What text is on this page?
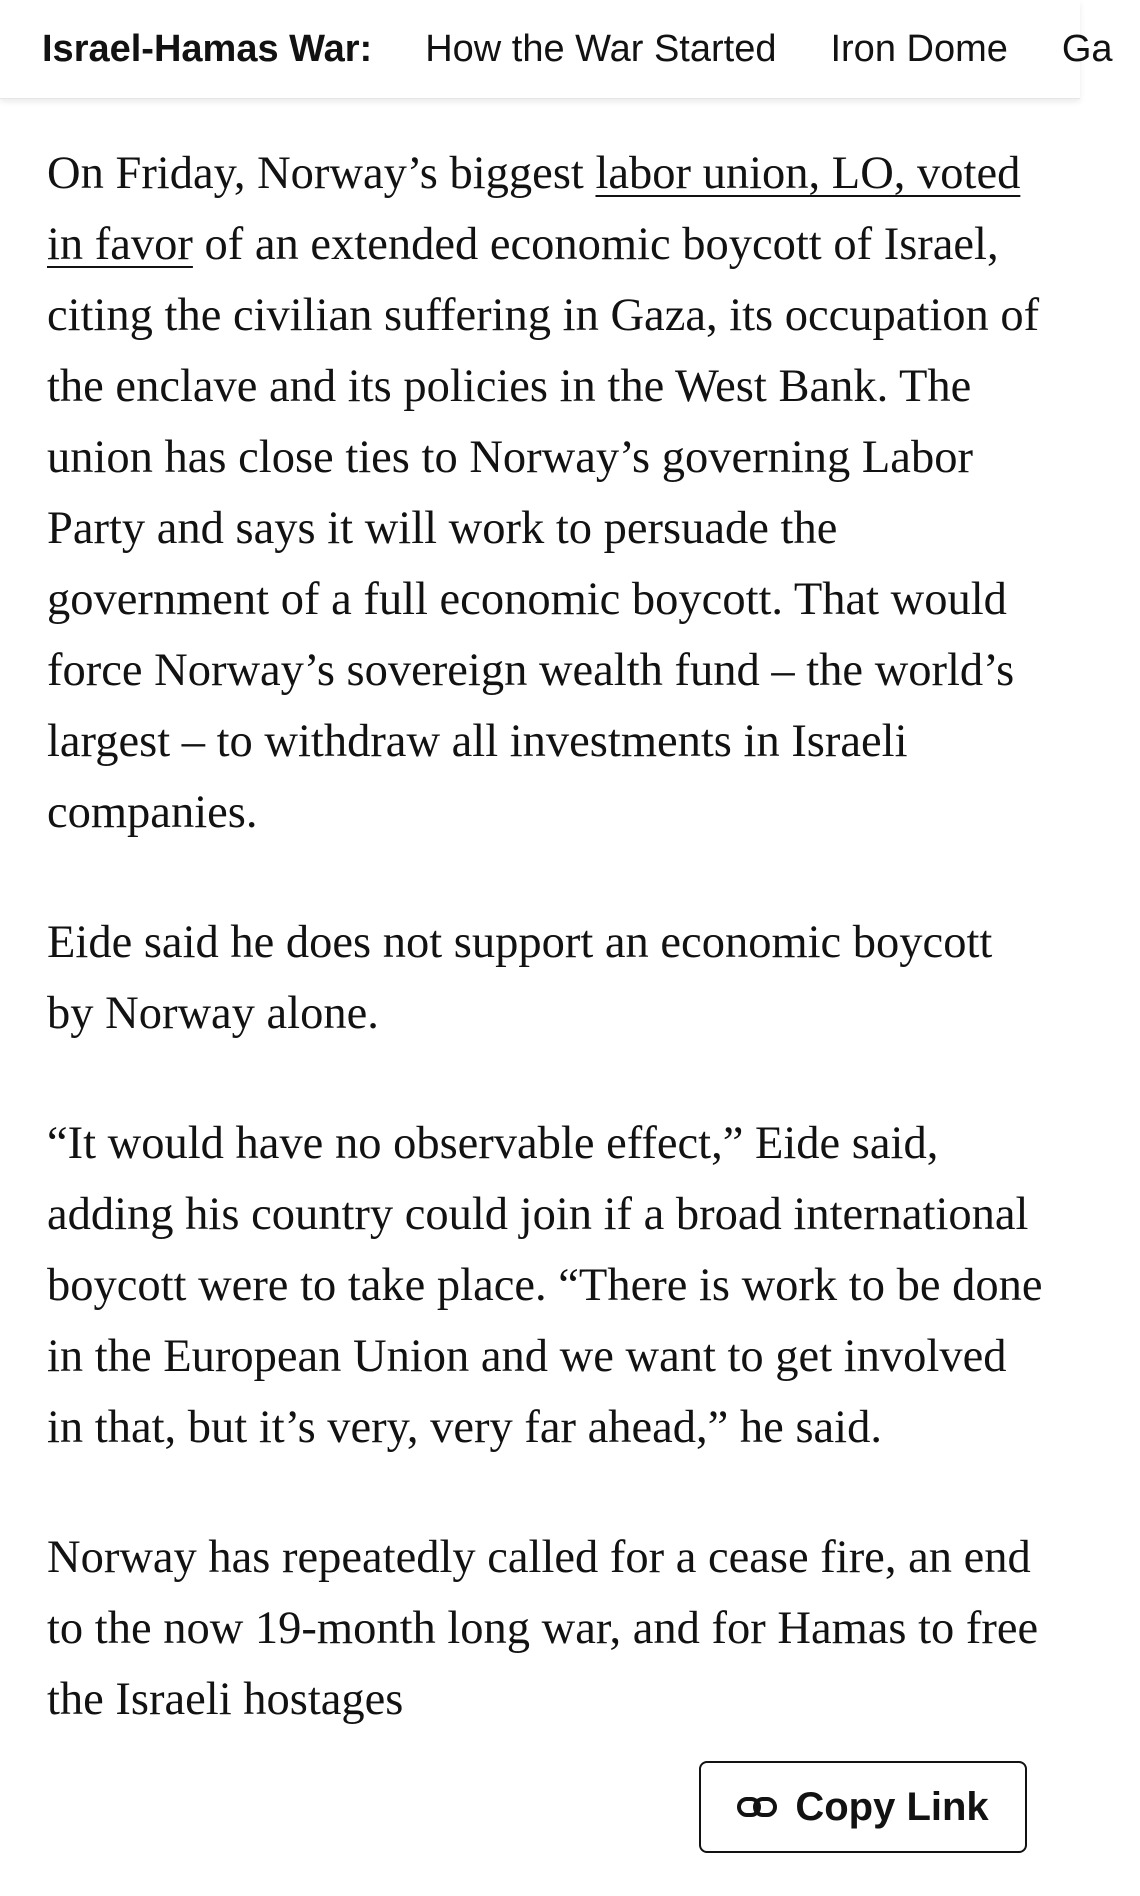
Israel-Hamas War:	How the War Started	Iron Dome	Ga

On Friday, Norway’s biggest labor union, LO, voted in favor of an extended economic boycott of Israel, citing the civilian suffering in Gaza, its occupation of the enclave and its policies in the West Bank. The union has close ties to Norway’s governing Labor Party and says it will work to persuade the government of a full economic boycott. That would force Norway’s sovereign wealth fund – the world’s largest – to withdraw all investments in Israeli companies.

Eide said he does not support an economic boycott by Norway alone.

“It would have no observable effect,” Eide said, adding his country could join if a broad international boycott were to take place. “There is work to be done in the European Union and we want to get involved in that, but it’s very, very far ahead,” he said.

Norway has repeatedly called for a cease fire, an end to the now 19-month long war, and for Hamas to free the Israeli hostages

Copy Link
